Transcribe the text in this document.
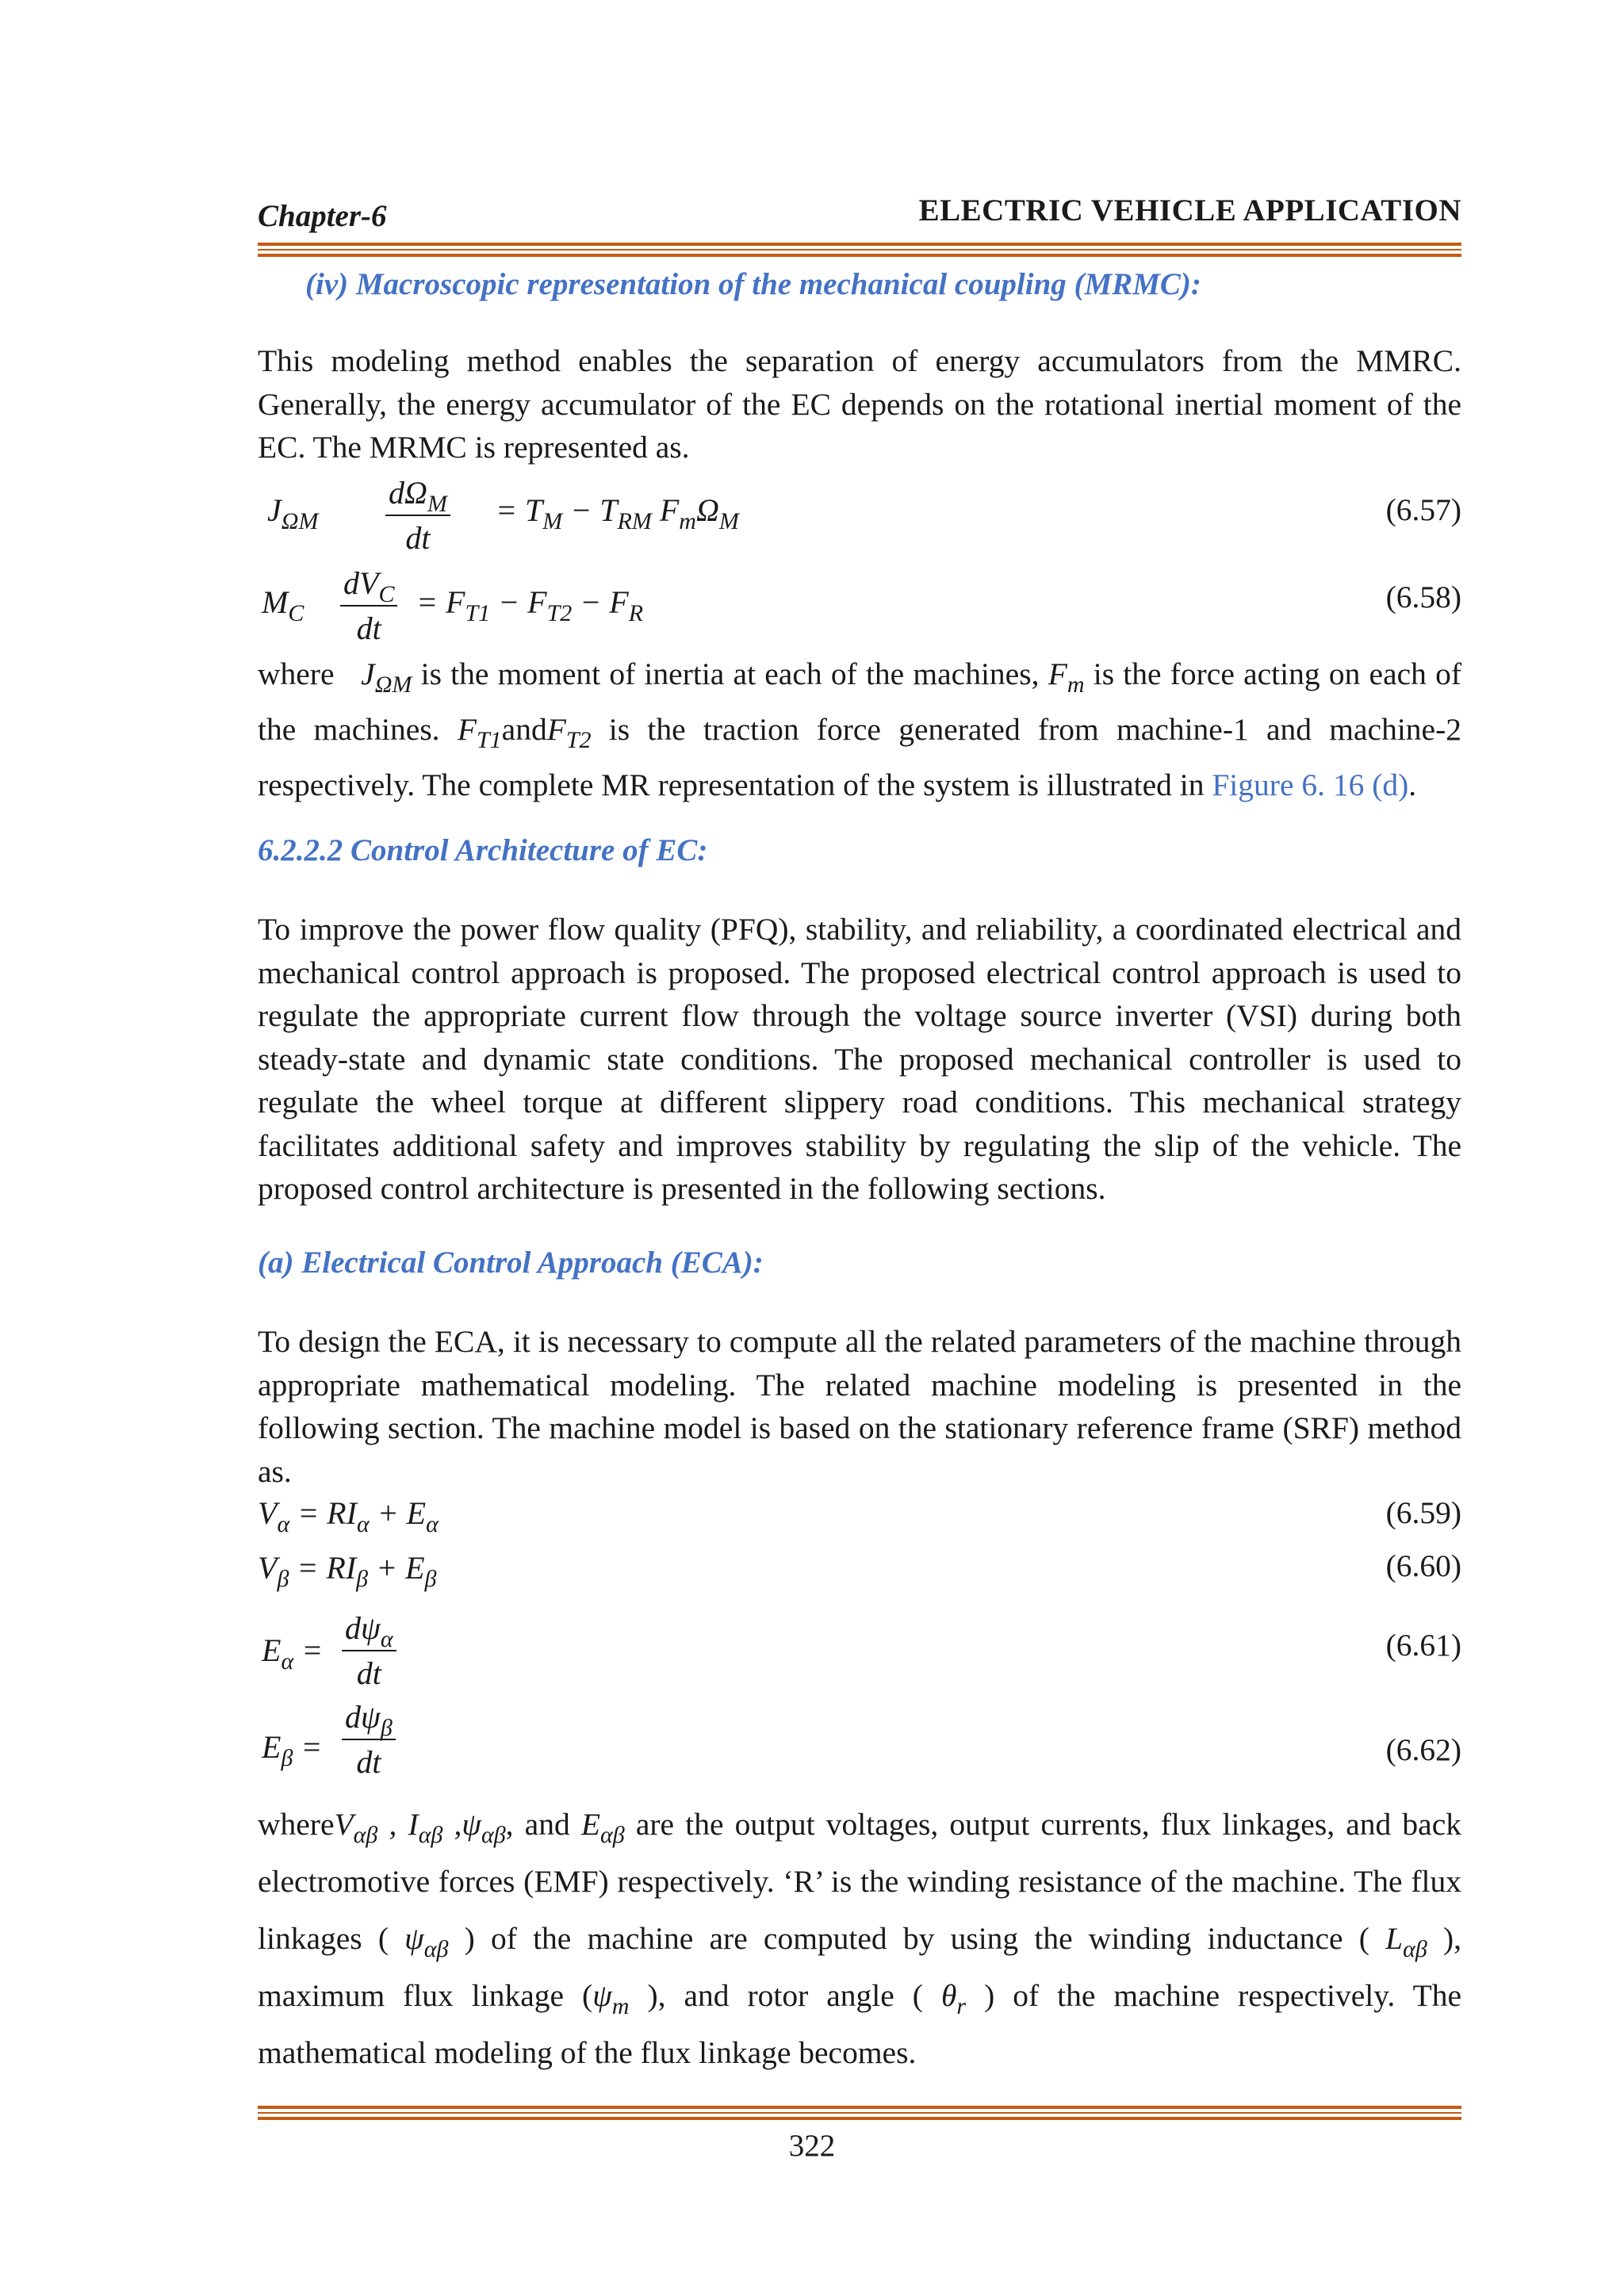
Chapter-6	ELECTRIC VEHICLE APPLICATION
(iv) Macroscopic representation of the mechanical coupling (MRMC):
This modeling method enables the separation of energy accumulators from the MMRC. Generally, the energy accumulator of the EC depends on the rotational inertial moment of the EC. The MRMC is represented as.
$J_{\Omega M}$
$d\Omega_M$
dt
= $T_M - T_{RM}$ $F_m\Omega_M$	(6.57)
$M_C$
$dV_C$
dt
= $F_{T1} - F_{T2} - F_R$	(6.58)
where $J_{\Omega M}$ is the moment of inertia at each of the machines, $F_m$ is the force acting on each of the machines. $F_{T1}andF_{T2}$ is the traction force generated from machine-1 and machine-2 respectively. The complete MR representation of the system is illustrated in Figure 6. 16 (d).
6.2.2.2 Control Architecture of EC:
To improve the power flow quality (PFQ), stability, and reliability, a coordinated electrical and mechanical control approach is proposed. The proposed electrical control approach is used to regulate the appropriate current flow through the voltage source inverter (VSI) during both steady-state and dynamic state conditions. The proposed mechanical controller is used to regulate the wheel torque at different slippery road conditions. This mechanical strategy facilitates additional safety and improves stability by regulating the slip of the vehicle. The proposed control architecture is presented in the following sections.
(a) Electrical Control Approach (ECA):
To design the ECA, it is necessary to compute all the related parameters of the machine through appropriate mathematical modeling. The related machine modeling is presented in the following section. The machine model is based on the stationary reference frame (SRF) method as.
$V_\alpha = RI_\alpha + E_\alpha$	(6.59)
$V_\beta = RI_\beta + E_\beta$	(6.60)
$E_\alpha$ =
$d\psi_\alpha$
dt
(6.61)
$E_\beta$ =
$d\psi_\beta$
dt	(6.62)
whereV$_{\alpha\beta}$ , $I_{\alpha\beta}$ $,\psi_{\alpha\beta}$, and $E_{\alpha\beta}$ are the output voltages, output currents, flux linkages, and back electromotive forces (EMF) respectively. ‘R’ is the winding resistance of the machine. The flux linkages ( $\psi_{\alpha\beta}$ ) of the machine are computed by using the winding inductance ( $L_{\alpha\beta}$ ), maximum flux linkage ($\psi_m$ ), and rotor angle ( $\theta_r$ ) of the machine respectively. The mathematical modeling of the flux linkage becomes.
322
